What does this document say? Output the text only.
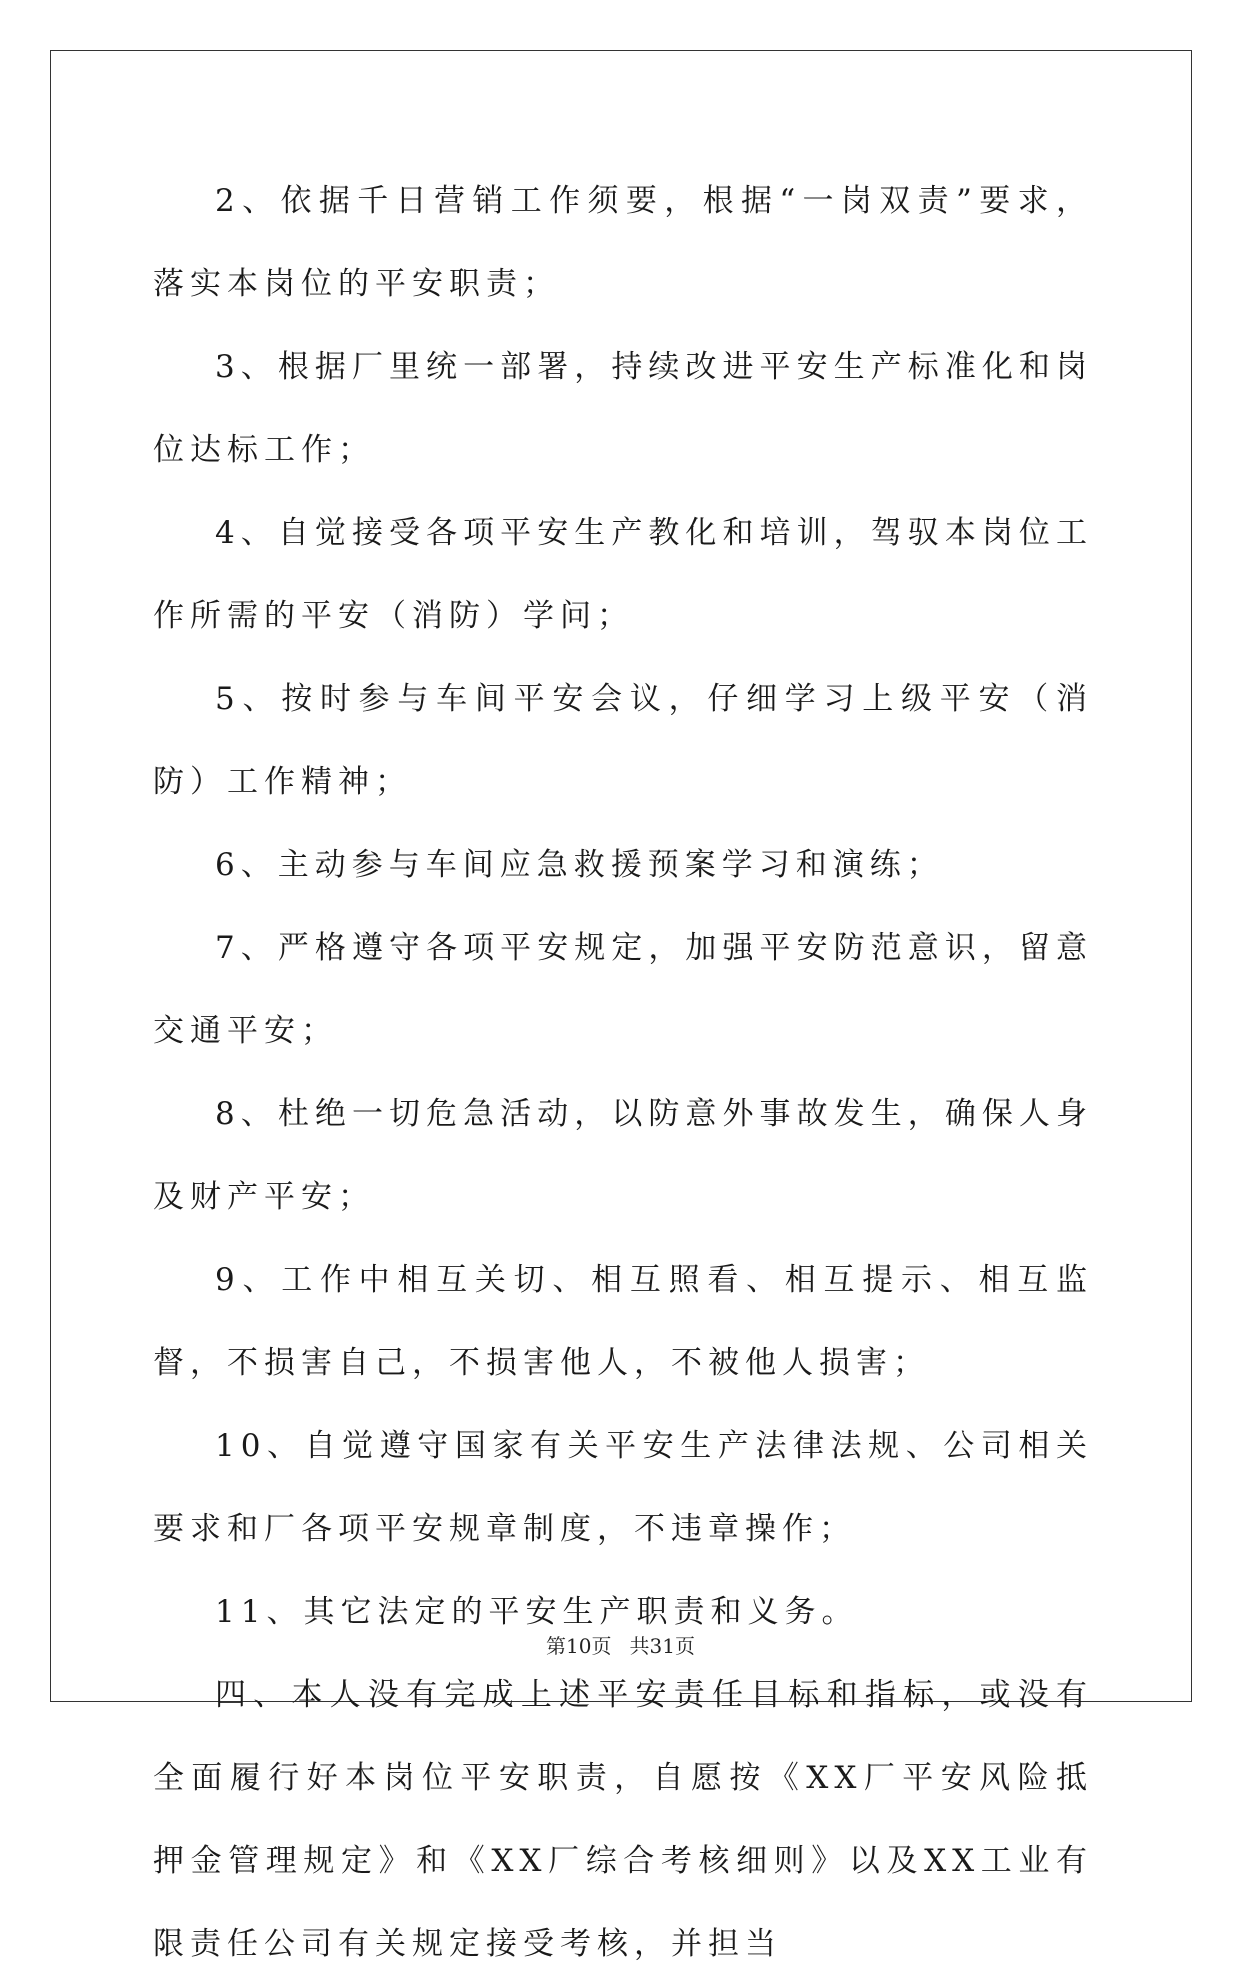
2、依据千日营销工作须要，根据“一岗双责”要求，落实本岗位的平安职责；

3、根据厂里统一部署，持续改进平安生产标准化和岗位达标工作；

4、自觉接受各项平安生产教化和培训，驾驭本岗位工作所需的平安（消防）学问；

5、按时参与车间平安会议，仔细学习上级平安（消防）工作精神；

6、主动参与车间应急救援预案学习和演练；

7、严格遵守各项平安规定，加强平安防范意识，留意交通平安；

8、杜绝一切危急活动，以防意外事故发生，确保人身及财产平安；

9、工作中相互关切、相互照看、相互提示、相互监督，不损害自己，不损害他人，不被他人损害；

10、自觉遵守国家有关平安生产法律法规、公司相关要求和厂各项平安规章制度，不违章操作；

11、其它法定的平安生产职责和义务。

四、本人没有完成上述平安责任目标和指标，或没有全面履行好本岗位平安职责，自愿按《XX厂平安风险抵押金管理规定》和《XX厂综合考核细则》以及XX工业有限责任公司有关规定接受考核，并担当

第10页 共31页
